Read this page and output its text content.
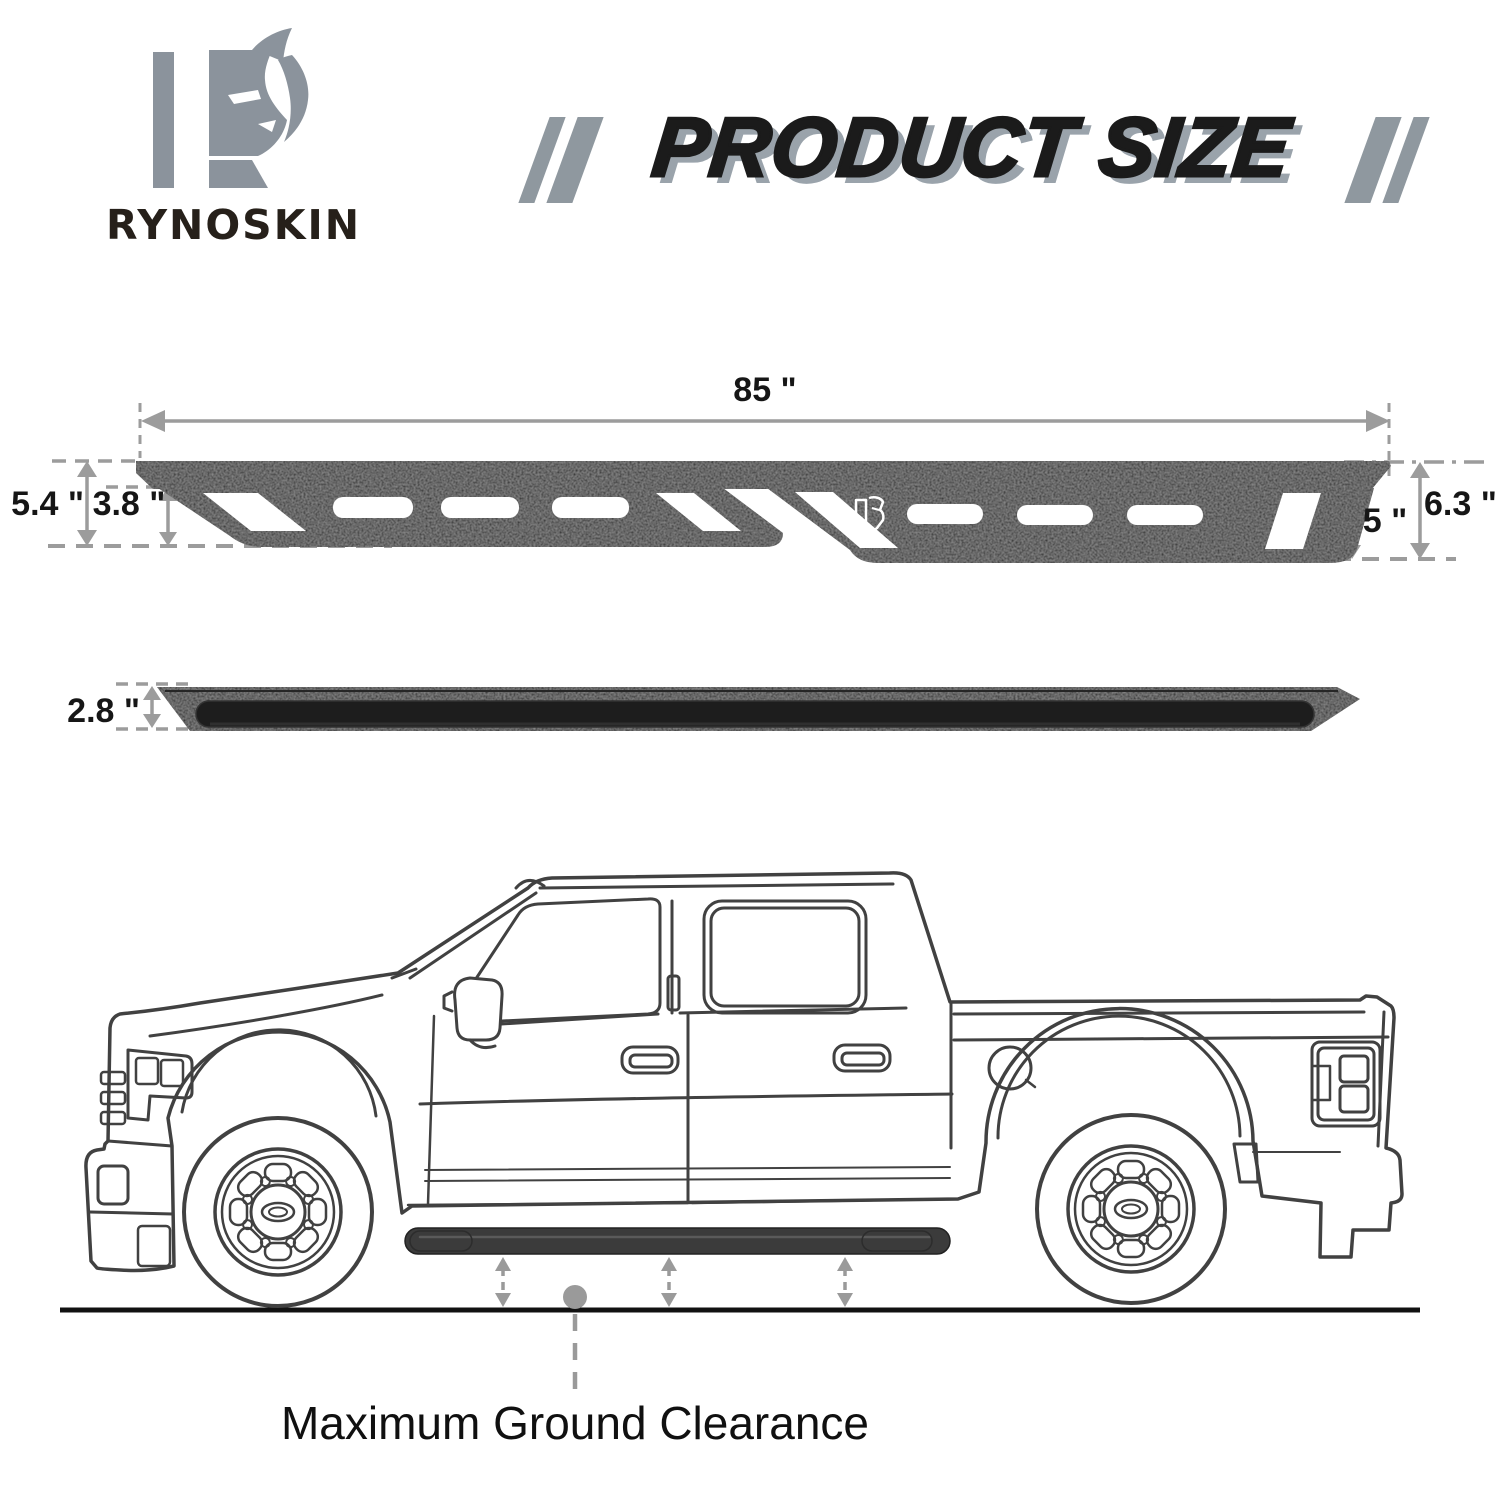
RYNOSKIN
PRODUCT SIZE
85 "
5.4 " 3.8 "	6.3 "
5 "
2.8 "
Maximum Ground Clearance
